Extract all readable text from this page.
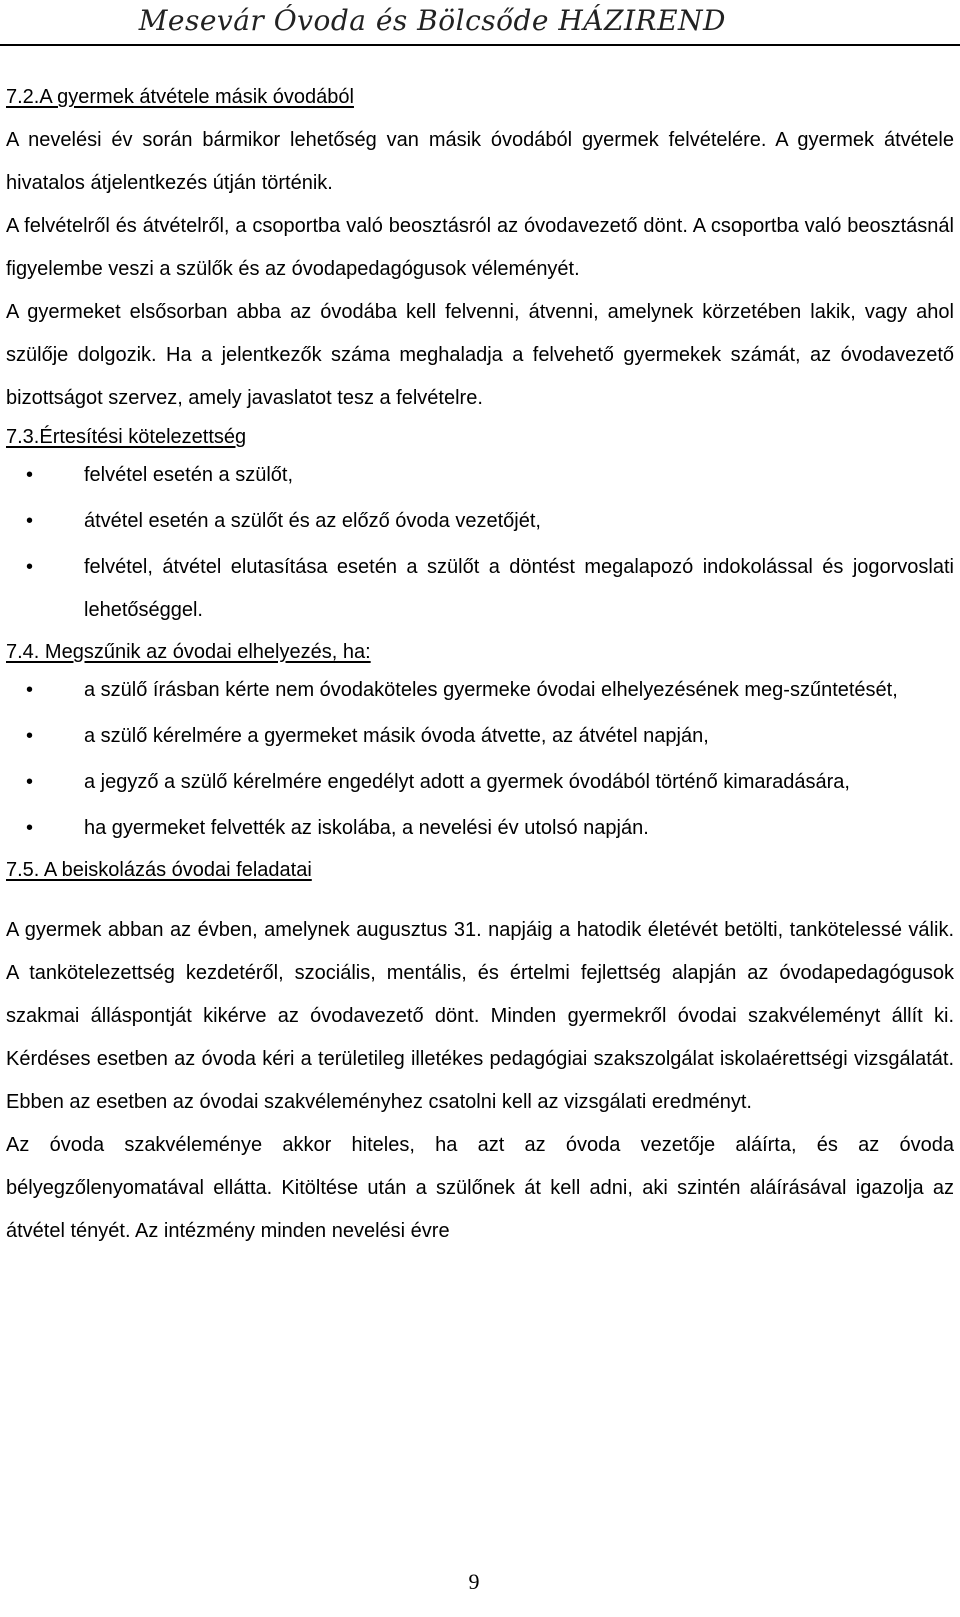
Mesevár Óvoda és Bölcsőde HÁZIREND
7.2.A gyermek átvétele másik óvodából

A nevelési év során bármikor lehetőség van másik óvodából gyermek felvételére. A gyermek átvétele hivatalos átjelentkezés útján történik.

A felvételről és átvételről, a csoportba való beosztásról az óvodavezető dönt. A csoportba való beosztásnál figyelembe veszi a szülők és az óvodapedagógusok véleményét.

A gyermeket elsősorban abba az óvodába kell felvenni, átvenni, amelynek körzetében lakik, vagy ahol szülője dolgozik. Ha a jelentkezők száma meghaladja a felvehető gyermekek számát, az óvodavezető bizottságot szervez, amely javaslatot tesz a felvételre.

7.3.Értesítési kötelezettség
•	felvétel esetén a szülőt,
•	átvétel esetén a szülőt és az előző óvoda vezetőjét,
•	felvétel, átvétel elutasítása esetén a szülőt a döntést megalapozó indokolással és jogorvoslati lehetőséggel.
7.4. Megszűnik az óvodai elhelyezés, ha:
•	a szülő írásban kérte nem óvodaköteles gyermeke óvodai elhelyezésének meg-szűntetését,
•	a szülő kérelmére a gyermeket másik óvoda átvette, az átvétel napján,
•	a jegyző a szülő kérelmére engedélyt adott a gyermek óvodából történő kimaradására,
•	ha gyermeket felvették az iskolába, a nevelési év utolsó napján.
7.5. A beiskolázás óvodai feladatai

A gyermek abban az évben, amelynek augusztus 31. napjáig a hatodik életévét betölti, tankötelessé válik. A tankötelezettség kezdetéről, szociális, mentális, és értelmi fejlettség alapján az óvodapedagógusok szakmai álláspontját kikérve az óvodavezető dönt. Minden gyermekről óvodai szakvéleményt állít ki. Kérdéses esetben az óvoda kéri a területileg illetékes pedagógiai szakszolgálat iskolaérettségi vizsgálatát. Ebben az esetben az óvodai szakvéleményhez csatolni kell az vizsgálati eredményt.

Az óvoda szakvéleménye akkor hiteles, ha azt az óvoda vezetője aláírta, és az óvoda bélyegzőlenyomatával ellátta. Kitöltése után a szülőnek át kell adni, aki szintén aláírásával igazolja az átvétel tényét. Az intézmény minden nevelési évre

9
